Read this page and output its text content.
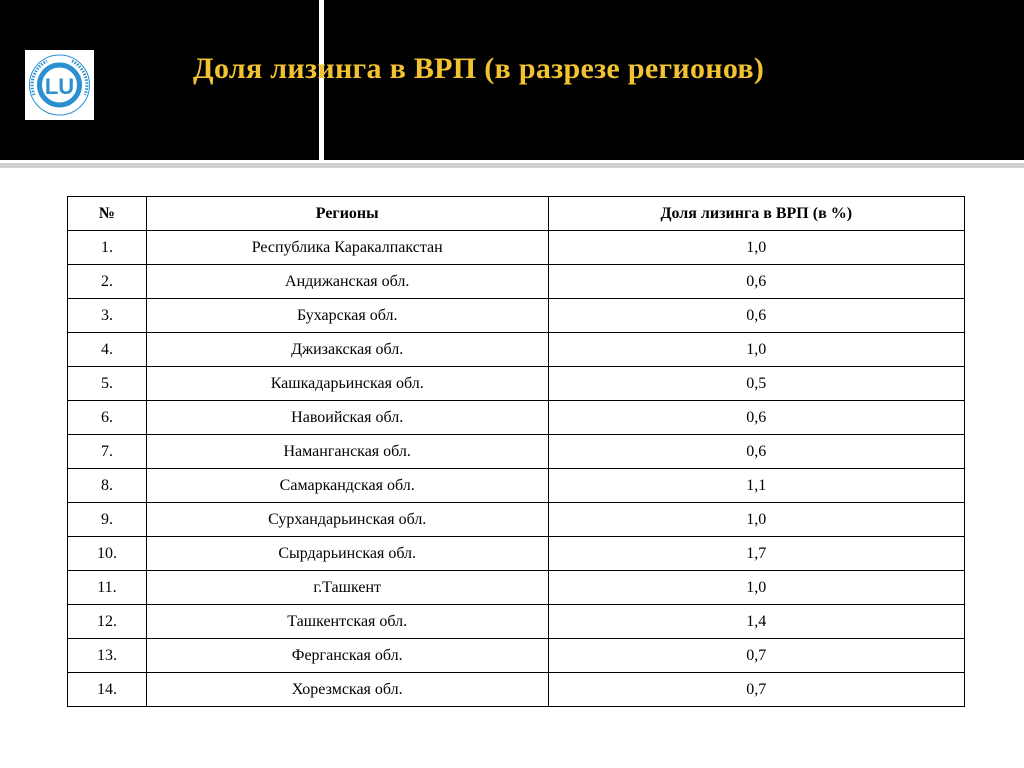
LU
Доля лизинга в ВРП (в разрезе регионов)
№	Регионы	Доля лизинга в ВРП (в %)
1.	Республика Каракалпакстан	1,0
2.	Андижанская обл.	0,6
3.	Бухарская обл.	0,6
4.	Джизакская обл.	1,0
5.	Кашкадарьинская обл.	0,5
6.	Навоийская обл.	0,6
7.	Наманганская обл.	0,6
8.	Самаркандская обл.	1,1
9.	Сурхандарьинская обл.	1,0
10.	Сырдарьинская обл.	1,7
11.	г.Ташкент	1,0
12.	Ташкентская обл.	1,4
13.	Ферганская обл.	0,7
14.	Хорезмская обл.	0,7
